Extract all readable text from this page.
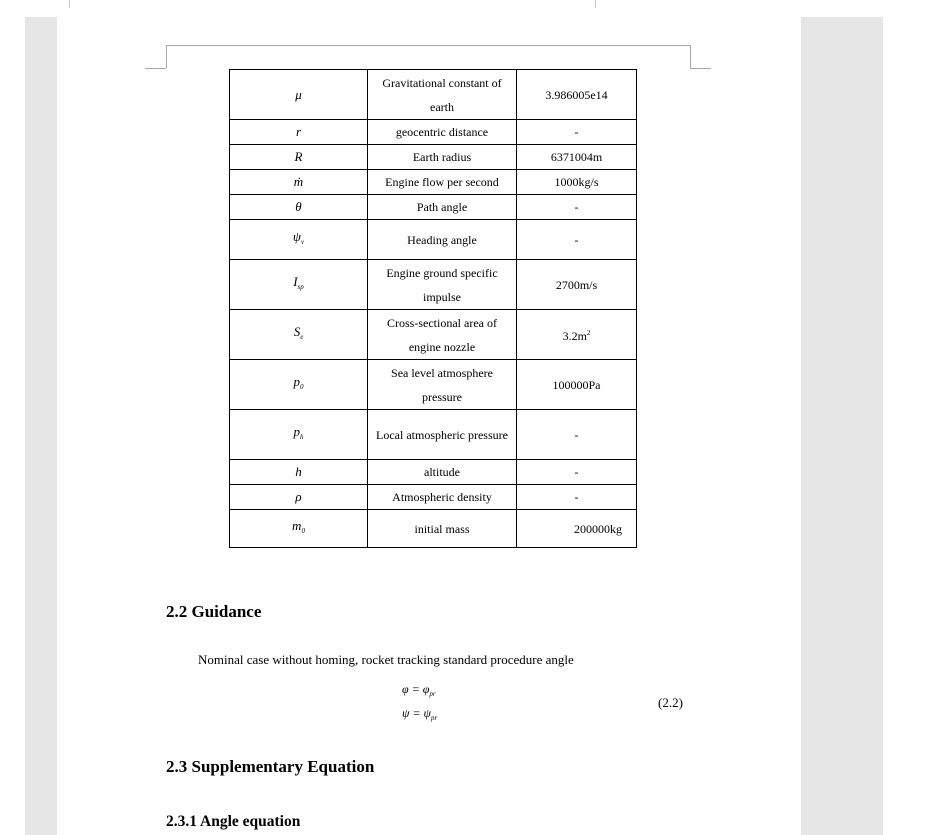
μ	Gravitational constant of earth	3.986005e14
r	geocentric distance	-
R	Earth radius	6371004m
ṁ	Engine flow per second	1000kg/s
θ	Path angle	-
$\psi_v$	Heading angle	-
$I_{sp}$	Engine ground specific impulse	2700m/s
$S_e$	Cross-sectional area of engine nozzle	$3.2m^2$
$p_0$	Sea level atmosphere pressure	100000Pa
$p_h$	Local atmospheric pressure	-
h	altitude	-
ρ	Atmospheric density	-
$m_0$	initial mass	200000kg
2.2 Guidance
Nominal case without homing, rocket tracking standard procedure angle
$\varphi = \varphi_{pr}$
$\psi = \psi_{pr}$
(2.2)
2.3 Supplementary Equation
2.3.1 Angle equation
